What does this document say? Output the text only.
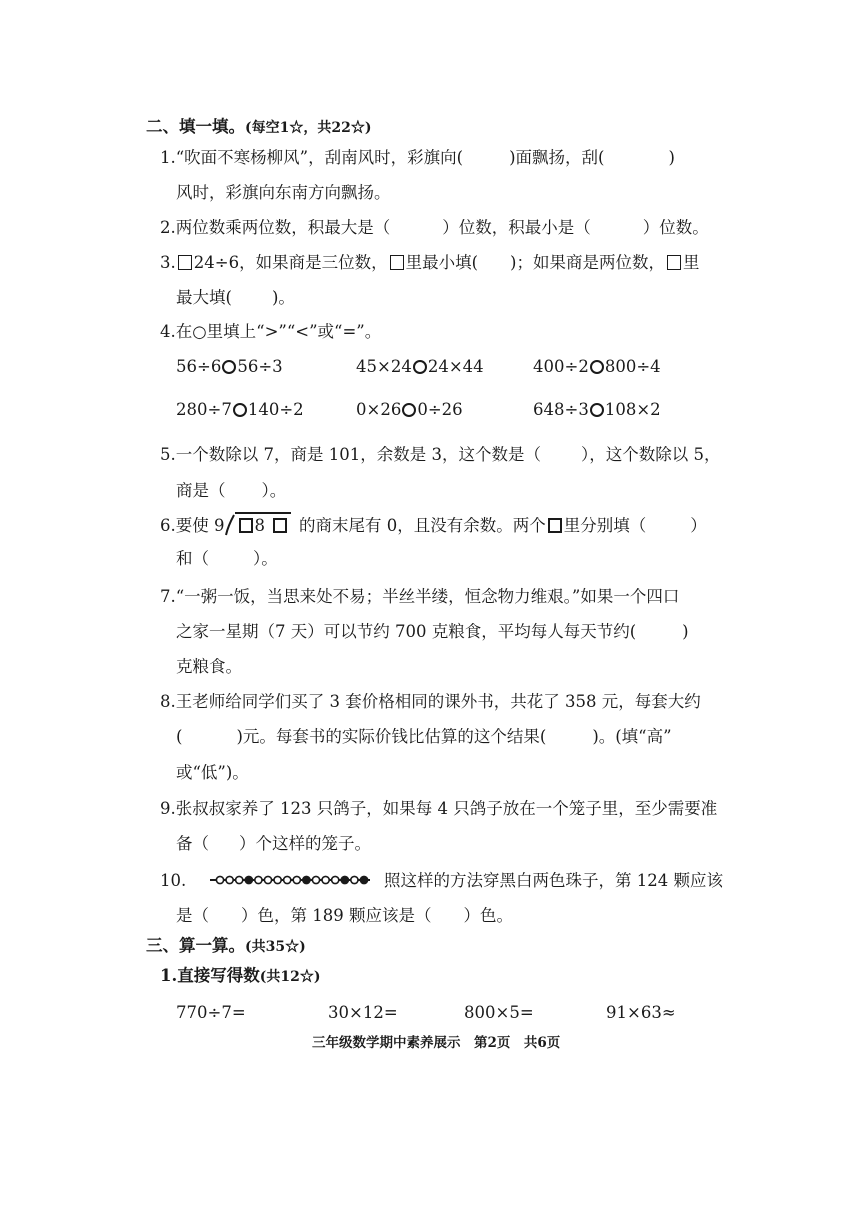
二、填一填。(每空1☆，共22☆)
1.“吹面不寒杨柳风”，刮南风时，彩旗向(	)面飘扬，刮(	)
风时，彩旗向东南方向飘扬。
2.两位数乘两位数，积最大是（	）位数，积最小是（	）位数。
3. 24÷6，如果商是三位数， 里最小填( )；如果商是两位数， 里
最大填( )。
4.在○里填上“>”“<”或“=”。
56÷6 56÷3	45×24 24×44	400÷2 800÷4
280÷7 140÷2	0×26 0÷26	648÷3 108×2
5.一个数除以 7，商是 101，余数是 3，这个数是（ ），这个数除以 5，
商是（ ）。
6.要使 9 8 的商末尾有 0，且没有余数。两个 里分别填（	）
和（	）。
7.“一粥一饭，当思来处不易；半丝半缕，恒念物力维艰。”如果一个四口
之家一星期（7 天）可以节约 700 克粮食，平均每人每天节约(	)
克粮食。
8.王老师给同学们买了 3 套价格相同的课外书，共花了 358 元，每套大约
(	)元。每套书的实际价钱比估算的这个结果(	)。(填“高”
或“低”)。
9.张叔叔家养了 123 只鸽子，如果每 4 只鸽子放在一个笼子里，至少需要准
备（ ）个这样的笼子。
10.	照这样的方法穿黑白两色珠子，第 124 颗应该
是（ ）色，第 189 颗应该是（ ）色。
三、算一算。(共35☆)
1.直接写得数(共12☆)
770÷7=	30×12=	800×5=	91×63≈
三年级数学期中素养展示　第2页　共6页
